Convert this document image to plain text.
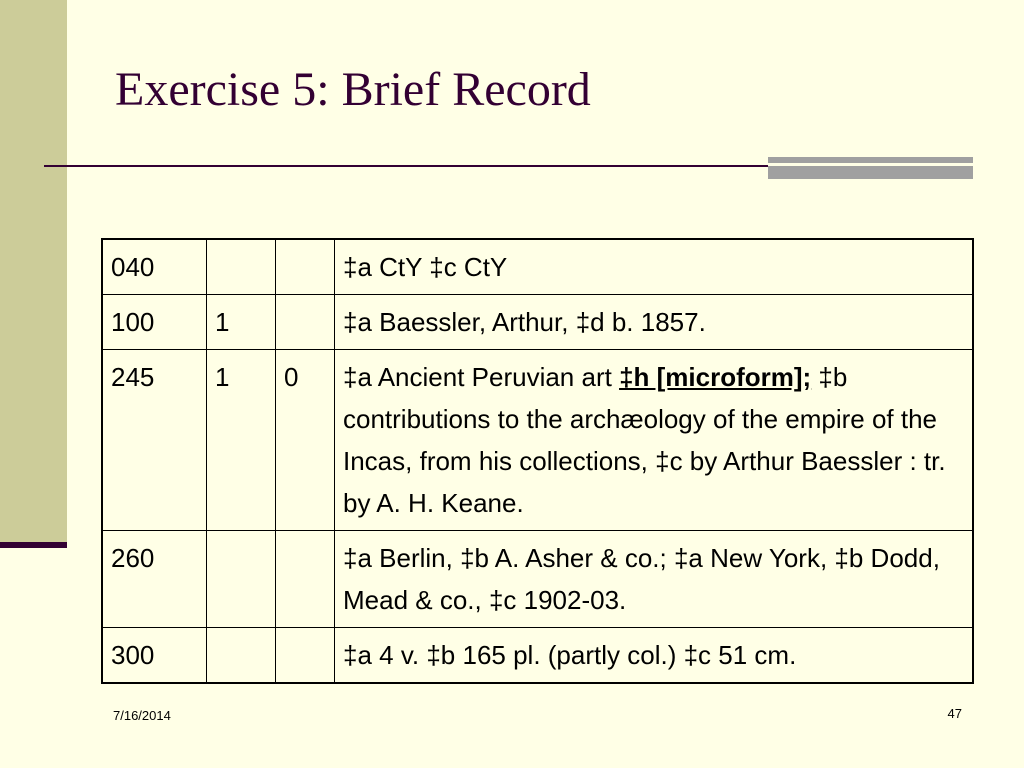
Exercise 5: Brief Record
040			‡a CtY ‡c CtY
100	1		‡a Baessler, Arthur, ‡d b. 1857.
245	1	0	‡a Ancient Peruvian art ‡h [microform]; ‡b contributions to the archæology of the empire of the Incas, from his collections, ‡c by Arthur Baessler : tr. by A. H. Keane.
260			‡a Berlin, ‡b A. Asher & co.; ‡a New York, ‡b Dodd, Mead & co., ‡c 1902-03.
300			‡a 4 v. ‡b 165 pl. (partly col.) ‡c 51 cm.
7/16/2014	47
